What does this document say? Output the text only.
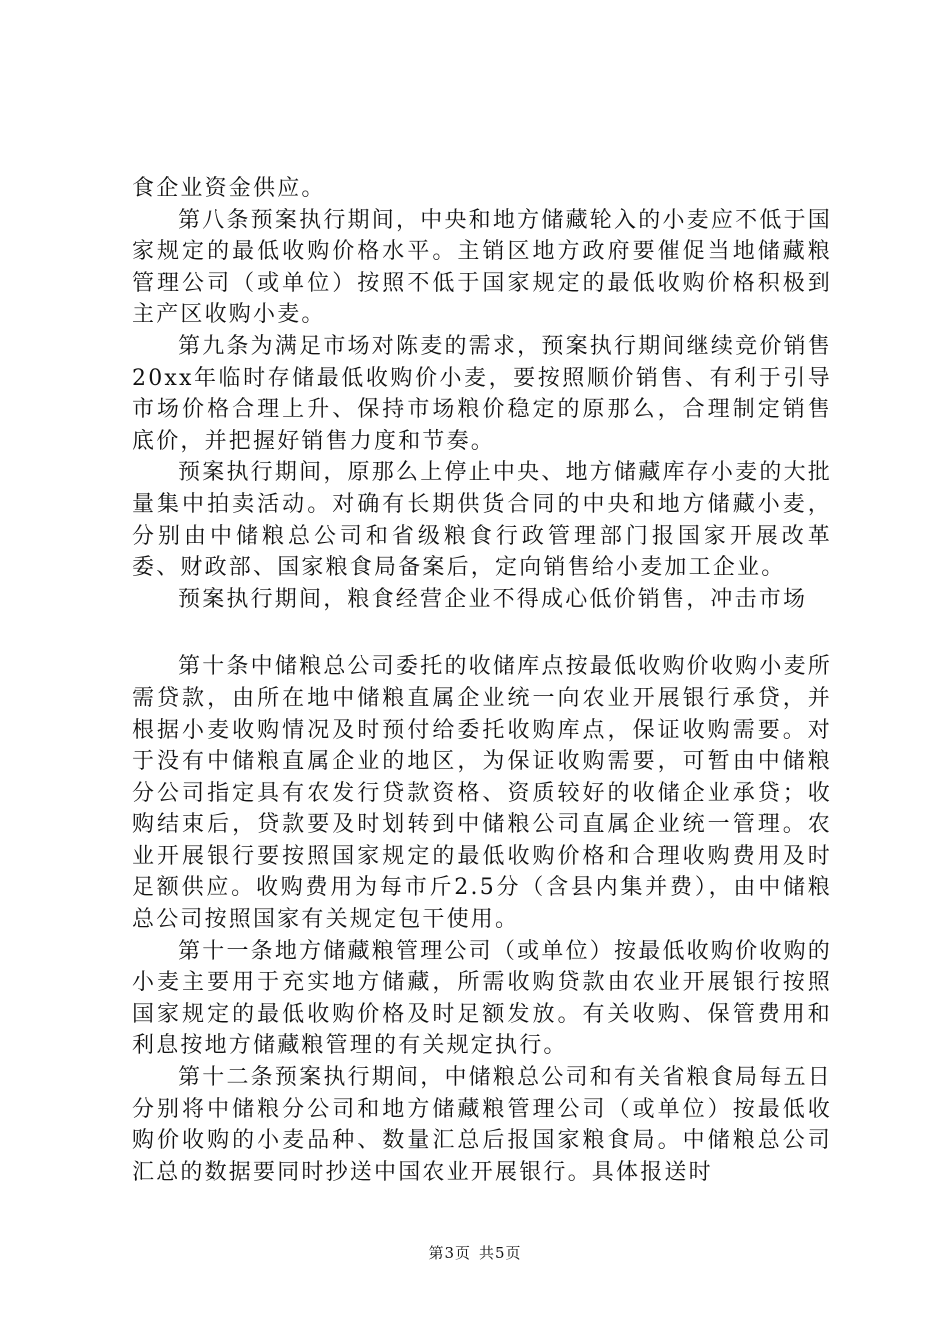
食企业资金供应。

第八条预案执行期间，中央和地方储藏轮入的小麦应不低于国家规定的最低收购价格水平。主销区地方政府要催促当地储藏粮管理公司（或单位）按照不低于国家规定的最低收购价格积极到主产区收购小麦。

第九条为满足市场对陈麦的需求，预案执行期间继续竞价销售20xx年临时存储最低收购价小麦，要按照顺价销售、有利于引导市场价格合理上升、保持市场粮价稳定的原那么，合理制定销售底价，并把握好销售力度和节奏。

预案执行期间，原那么上停止中央、地方储藏库存小麦的大批量集中拍卖活动。对确有长期供货合同的中央和地方储藏小麦，分别由中储粮总公司和省级粮食行政管理部门报国家开展改革委、财政部、国家粮食局备案后，定向销售给小麦加工企业。

预案执行期间，粮食经营企业不得成心低价销售，冲击市场

第十条中储粮总公司委托的收储库点按最低收购价收购小麦所需贷款，由所在地中储粮直属企业统一向农业开展银行承贷，并根据小麦收购情况及时预付给委托收购库点，保证收购需要。对于没有中储粮直属企业的地区，为保证收购需要，可暂由中储粮分公司指定具有农发行贷款资格、资质较好的收储企业承贷；收购结束后，贷款要及时划转到中储粮公司直属企业统一管理。农业开展银行要按照国家规定的最低收购价格和合理收购费用及时足额供应。收购费用为每市斤2.5分（含县内集并费），由中储粮总公司按照国家有关规定包干使用。

第十一条地方储藏粮管理公司（或单位）按最低收购价收购的小麦主要用于充实地方储藏，所需收购贷款由农业开展银行按照国家规定的最低收购价格及时足额发放。有关收购、保管费用和利息按地方储藏粮管理的有关规定执行。

第十二条预案执行期间，中储粮总公司和有关省粮食局每五日分别将中储粮分公司和地方储藏粮管理公司（或单位）按最低收购价收购的小麦品种、数量汇总后报国家粮食局。中储粮总公司汇总的数据要同时抄送中国农业开展银行。具体报送时

第3页 共5页
